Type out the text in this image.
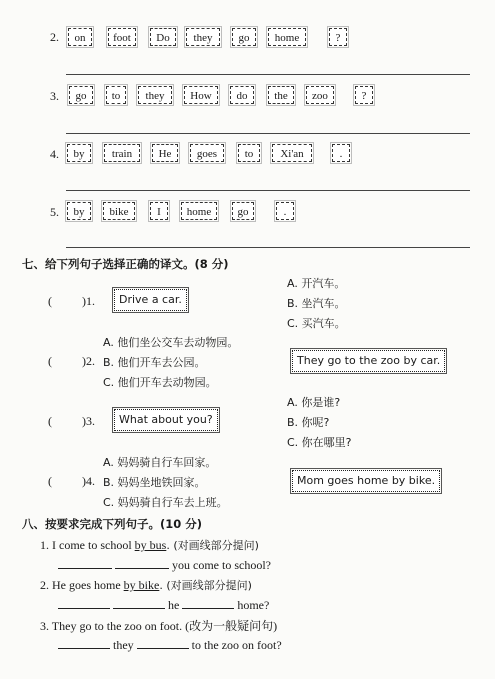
2.	on	foot	Do	they	go	home	?
3.	go	to	they	How	do	the	zoo	?
4.	by	train	He	goes	to	Xi'an	.
5.	by	bike	I	home	go	.
七、给下列句子选择正确的译文。(8 分)
(	)1.	Drive a car.
A. 开汽车。
B. 坐汽车。
C. 买汽车。
A. 他们坐公交车去动物园。
(	)2. B. 他们开车去公园。
C. 他们开车去动物园。
They go to the zoo by car.
A. 你是谁?
B. 你呢?
C. 你在哪里?
(	)3.	What about you?
A. 妈妈骑自行车回家。
(	)4. B. 妈妈坐地铁回家。
C. 妈妈骑自行车去上班。
Mom goes home by bike.
八、按要求完成下列句子。(10 分)
1. I come to school by bus. (对画线部分提问)
you come to school?
2. He goes home by bike. (对画线部分提问)
he	home?
3. They go to the zoo on foot. (改为一般疑问句)
they	to the zoo on foot?
